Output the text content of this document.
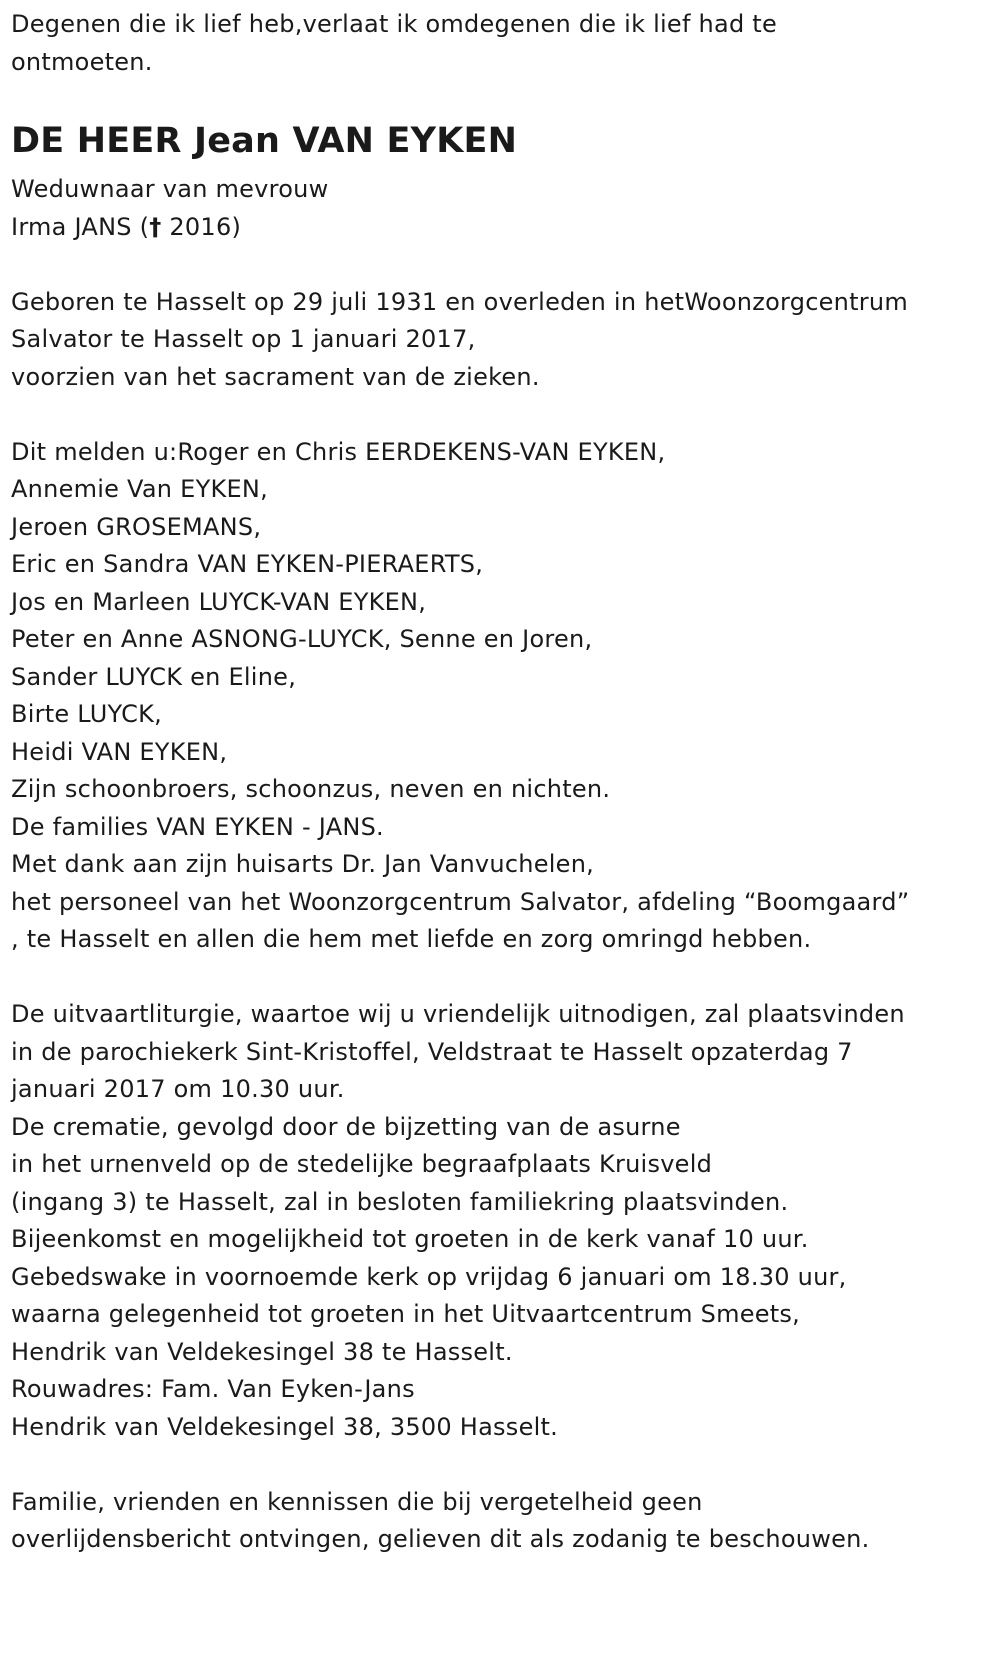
Degenen die ik lief heb,verlaat ik omdegenen die ik lief had te
ontmoeten.
DE HEER Jean VAN EYKEN
Weduwnaar van mevrouw
Irma JANS († 2016)
Geboren te Hasselt op 29 juli 1931 en overleden in hetWoonzorgcentrum
Salvator te Hasselt op 1 januari 2017,
voorzien van het sacrament van de zieken.
Dit melden u:Roger en Chris EERDEKENS-VAN EYKEN,
Annemie Van EYKEN,
Jeroen GROSEMANS,
Eric en Sandra VAN EYKEN-PIERAERTS,
Jos en Marleen LUYCK-VAN EYKEN,
Peter en Anne ASNONG-LUYCK, Senne en Joren,
Sander LUYCK en Eline,
Birte LUYCK,
Heidi VAN EYKEN,
Zijn schoonbroers, schoonzus, neven en nichten.
De families VAN EYKEN - JANS.
Met dank aan zijn huisarts Dr. Jan Vanvuchelen,
het personeel van het Woonzorgcentrum Salvator, afdeling “Boomgaard”
, te Hasselt en allen die hem met liefde en zorg omringd hebben.
De uitvaartliturgie, waartoe wij u vriendelijk uitnodigen, zal plaatsvinden
in de parochiekerk Sint-Kristoffel, Veldstraat te Hasselt opzaterdag 7
januari 2017 om 10.30 uur.
De crematie, gevolgd door de bijzetting van de asurne
in het urnenveld op de stedelijke begraafplaats Kruisveld
(ingang 3) te Hasselt, zal in besloten familiekring plaatsvinden.
Bijeenkomst en mogelijkheid tot groeten in de kerk vanaf 10 uur.
Gebedswake in voornoemde kerk op vrijdag 6 januari om 18.30 uur,
waarna gelegenheid tot groeten in het Uitvaartcentrum Smeets,
Hendrik van Veldekesingel 38 te Hasselt.
Rouwadres: Fam. Van Eyken-Jans
Hendrik van Veldekesingel 38, 3500 Hasselt.
Familie, vrienden en kennissen die bij vergetelheid geen
overlijdensbericht ontvingen, gelieven dit als zodanig te beschouwen.
